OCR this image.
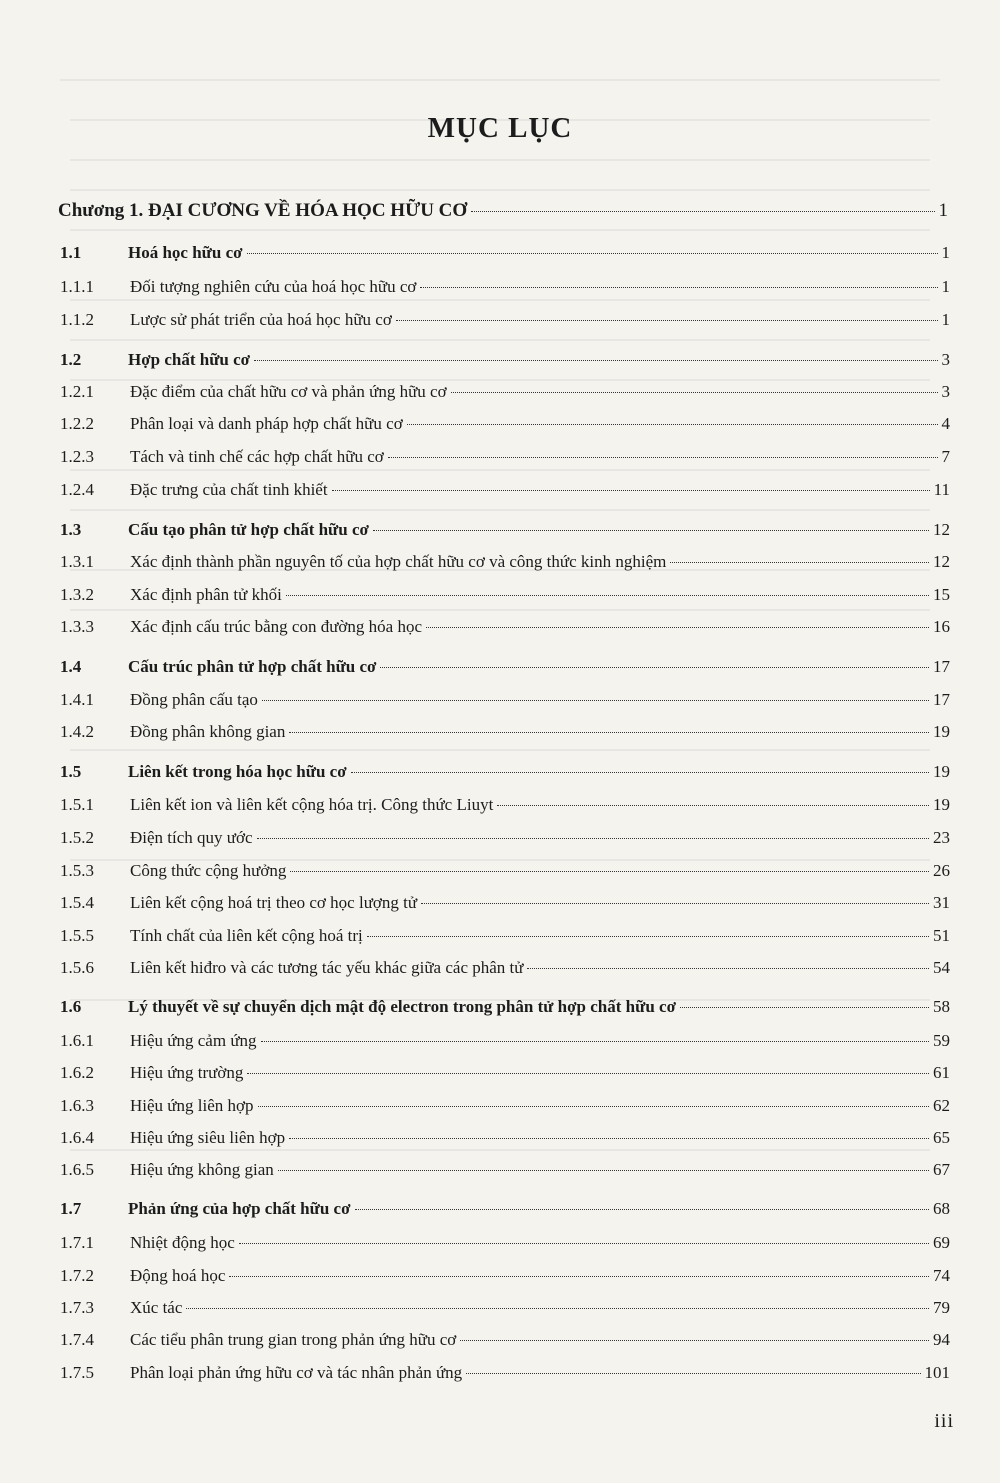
MỤC LỤC
Chương 1. ĐẠI CƯƠNG VỀ HÓA HỌC HỮU CƠ	1
1.1	Hoá học hữu cơ	1
1.1.1	Đối tượng nghiên cứu của hoá học hữu cơ	1
1.1.2	Lược sử phát triển của hoá học hữu cơ	1
1.2	Hợp chất hữu cơ	3
1.2.1	Đặc điểm của chất hữu cơ và phản ứng hữu cơ	3
1.2.2	Phân loại và danh pháp hợp chất hữu cơ	4
1.2.3	Tách và tinh chế các hợp chất hữu cơ	7
1.2.4	Đặc trưng của chất tinh khiết	11
1.3	Cấu tạo phân tử hợp chất hữu cơ	12
1.3.1	Xác định thành phần nguyên tố của hợp chất hữu cơ và công thức kinh nghiệm	12
1.3.2	Xác định phân tử khối	15
1.3.3	Xác định cấu trúc bằng con đường hóa học	16
1.4	Cấu trúc phân tử hợp chất hữu cơ	17
1.4.1	Đồng phân cấu tạo	17
1.4.2	Đồng phân không gian	19
1.5	Liên kết trong hóa học hữu cơ	19
1.5.1	Liên kết ion và liên kết cộng hóa trị. Công thức Liuyt	19
1.5.2	Điện tích quy ước	23
1.5.3	Công thức cộng hưởng	26
1.5.4	Liên kết cộng hoá trị theo cơ học lượng tử	31
1.5.5	Tính chất của liên kết cộng hoá trị	51
1.5.6	Liên kết hiđro và các tương tác yếu khác giữa các phân tử	54
1.6	Lý thuyết về sự chuyển dịch mật độ electron trong phân tử hợp chất hữu cơ	58
1.6.1	Hiệu ứng cảm ứng	59
1.6.2	Hiệu ứng trường	61
1.6.3	Hiệu ứng liên hợp	62
1.6.4	Hiệu ứng siêu liên hợp	65
1.6.5	Hiệu ứng không gian	67
1.7	Phản ứng của hợp chất hữu cơ	68
1.7.1	Nhiệt động học	69
1.7.2	Động hoá học	74
1.7.3	Xúc tác	79
1.7.4	Các tiểu phân trung gian trong phản ứng hữu cơ	94
1.7.5	Phân loại phản ứng hữu cơ và tác nhân phản ứng	101
iii
